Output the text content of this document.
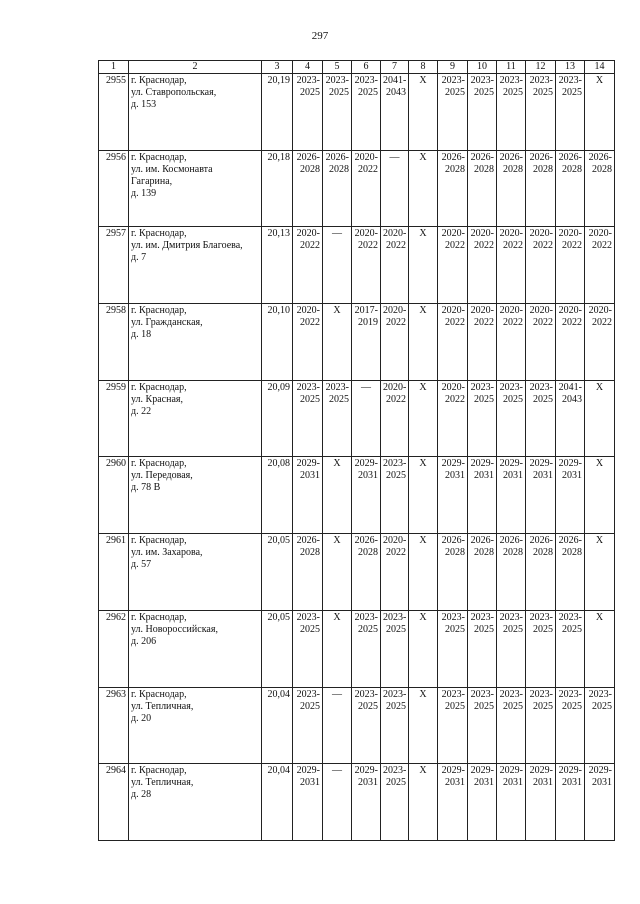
297
1	2	3	4	5	6	7	8	9	10	11	12	13	14
2955	г. Краснодар,
ул. Ставропольская,
д. 153	20,19	2023-
2025	2023-
2025	2023-
2025	2041-
2043	Х	2023-
2025	2023-
2025	2023-
2025	2023-
2025	2023-
2025	Х

2956	г. Краснодар,
ул. им. Космонавта
Гагарина,
д. 139	20,18	2026-
2028	2026-
2028	2020-
2022	—	Х	2026-
2028	2026-
2028	2026-
2028	2026-
2028	2026-
2028	2026-
2028

2957	г. Краснодар,
ул. им. Дмитрия Благоева,
д. 7	20,13	2020-
2022	—	2020-
2022	2020-
2022	Х	2020-
2022	2020-
2022	2020-
2022	2020-
2022	2020-
2022	2020-
2022

2958	г. Краснодар,
ул. Гражданская,
д. 18	20,10	2020-
2022	Х	2017-
2019	2020-
2022	Х	2020-
2022	2020-
2022	2020-
2022	2020-
2022	2020-
2022	2020-
2022

2959	г. Краснодар,
ул. Красная,
д. 22	20,09	2023-
2025	2023-
2025	—	2020-
2022	Х	2020-
2022	2023-
2025	2023-
2025	2023-
2025	2041-
2043	Х

2960	г. Краснодар,
ул. Передовая,
д. 78 В	20,08	2029-
2031	Х	2029-
2031	2023-
2025	Х	2029-
2031	2029-
2031	2029-
2031	2029-
2031	2029-
2031	Х

2961	г. Краснодар,
ул. им. Захарова,
д. 57	20,05	2026-
2028	Х	2026-
2028	2020-
2022	Х	2026-
2028	2026-
2028	2026-
2028	2026-
2028	2026-
2028	Х

2962	г. Краснодар,
ул. Новороссийская,
д. 206	20,05	2023-
2025	Х	2023-
2025	2023-
2025	Х	2023-
2025	2023-
2025	2023-
2025	2023-
2025	2023-
2025	Х

2963	г. Краснодар,
ул. Тепличная,
д. 20	20,04	2023-
2025	—	2023-
2025	2023-
2025	Х	2023-
2025	2023-
2025	2023-
2025	2023-
2025	2023-
2025	2023-
2025

2964	г. Краснодар,
ул. Тепличная,
д. 28	20,04	2029-
2031	—	2029-
2031	2023-
2025	Х	2029-
2031	2029-
2031	2029-
2031	2029-
2031	2029-
2031	2029-
2031
